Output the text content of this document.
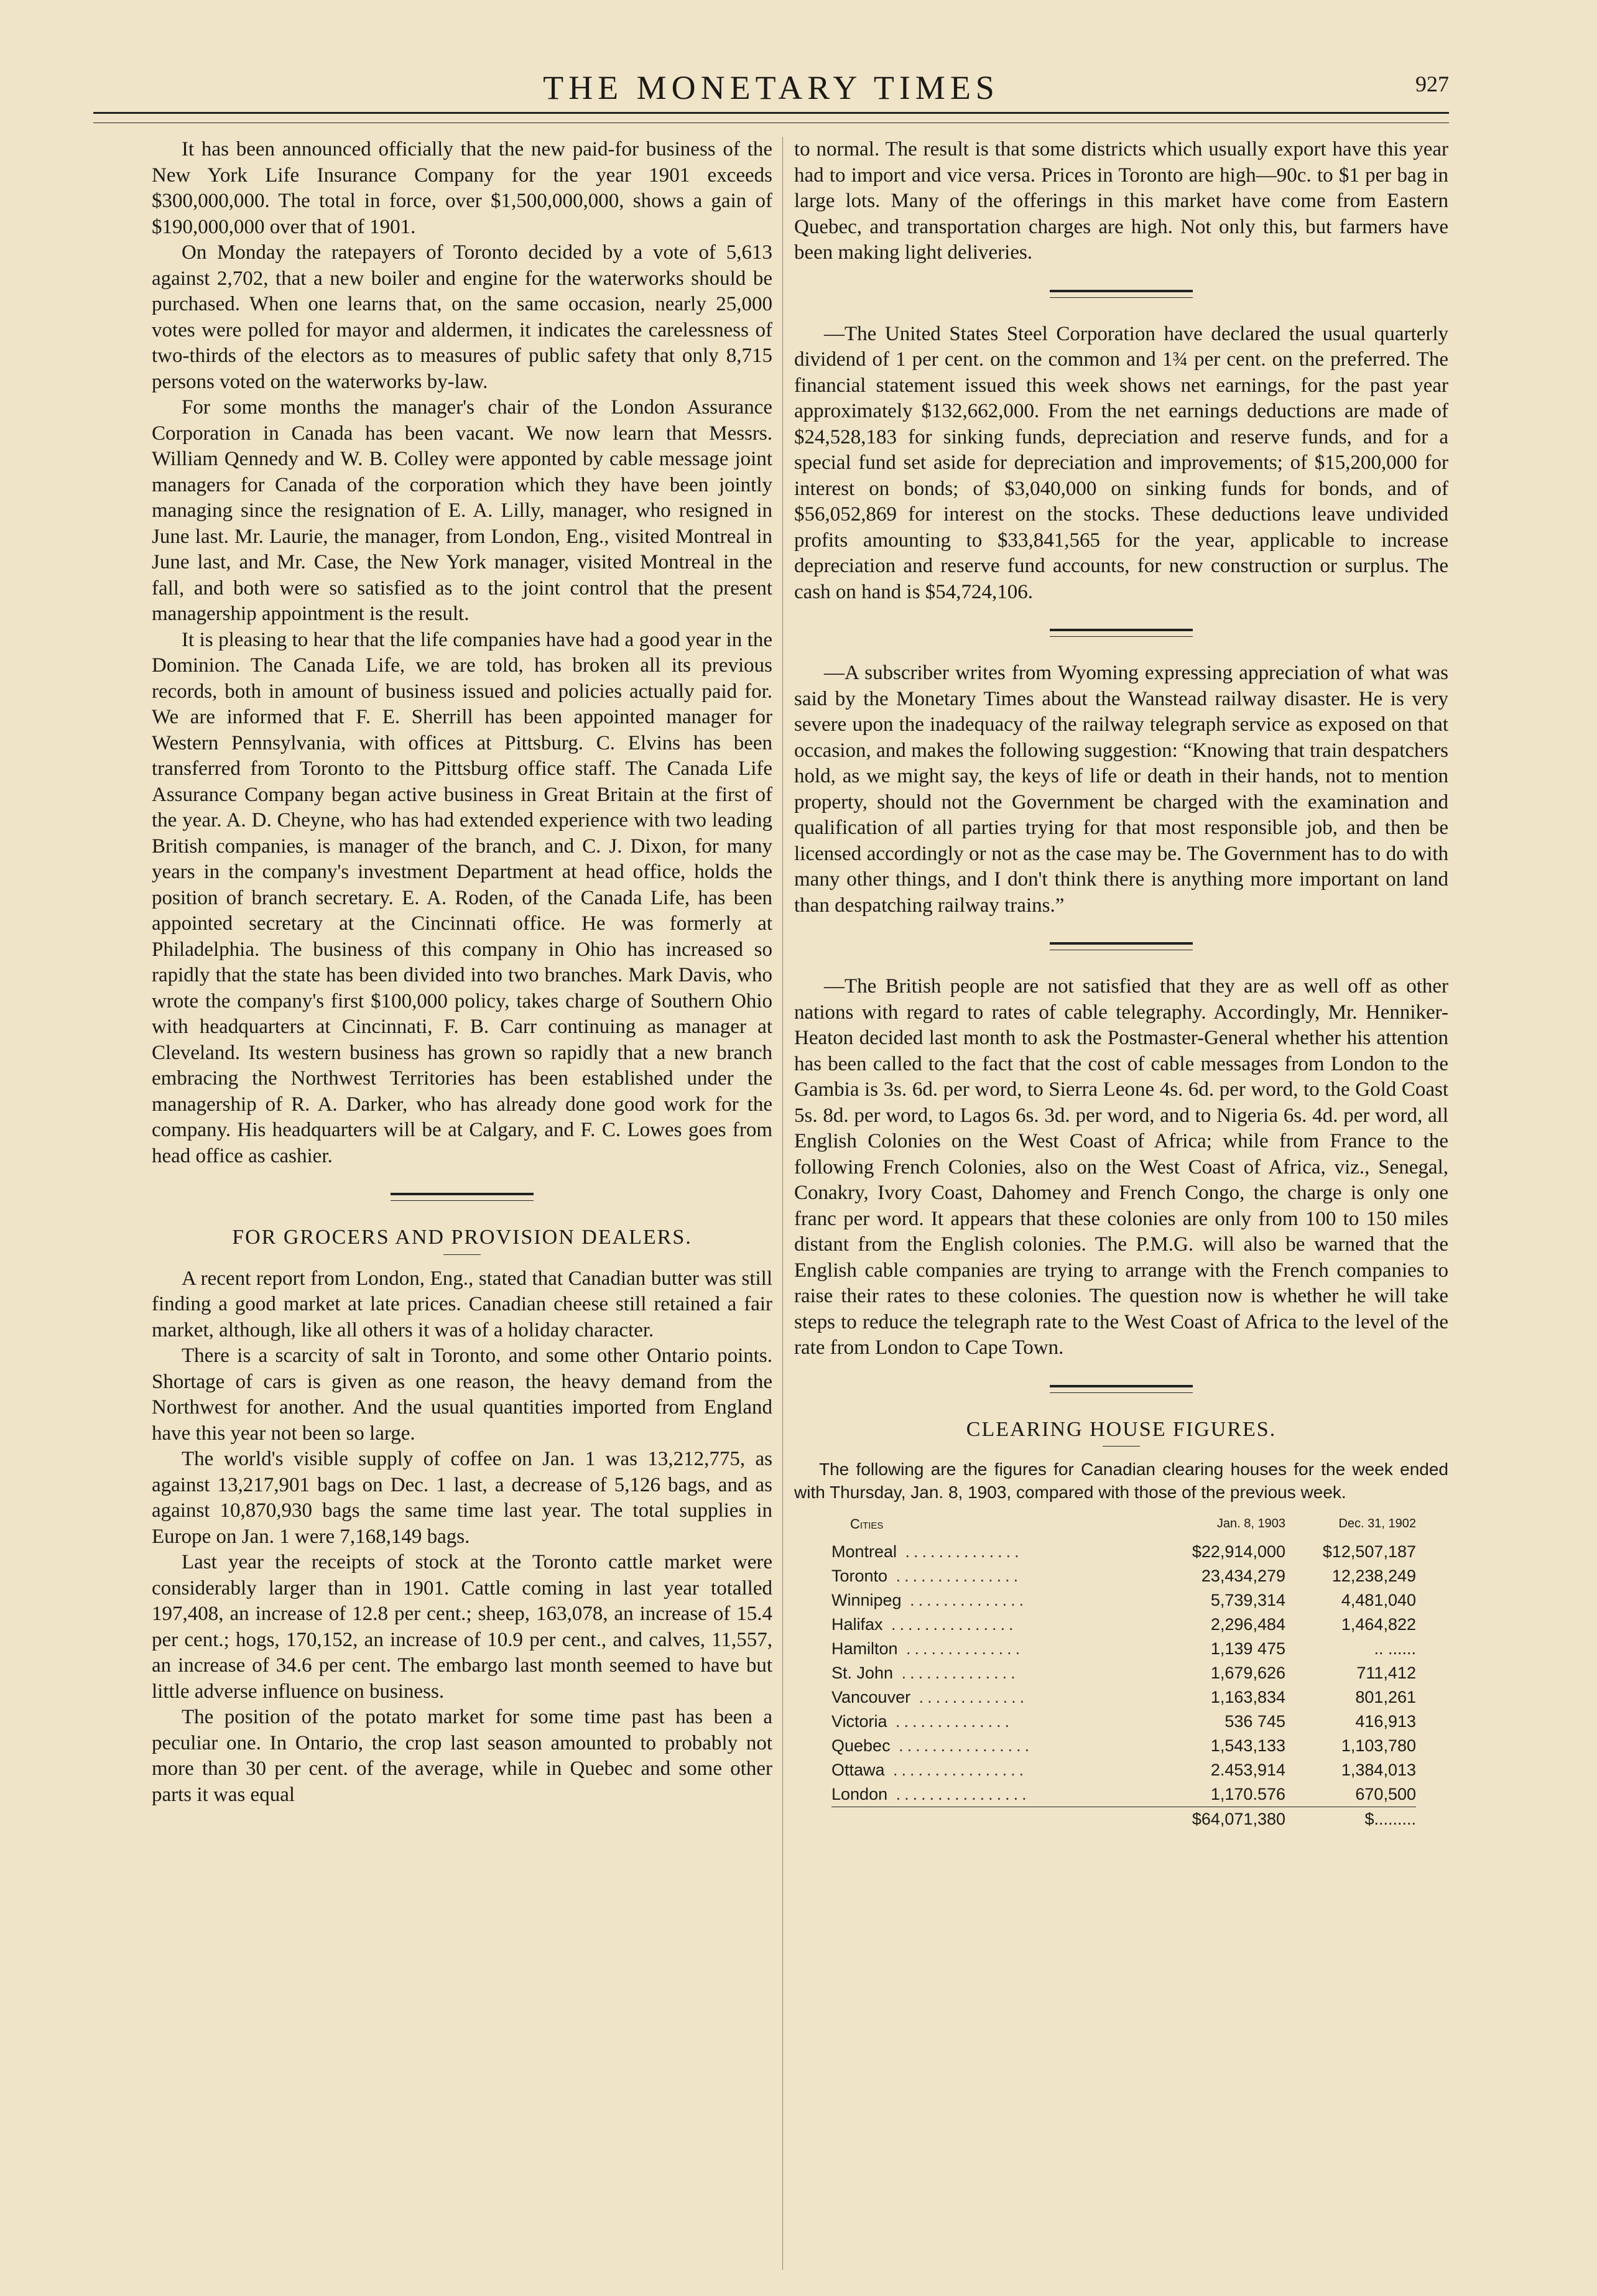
THE MONETARY TIMES	927

It has been announced officially that the new paid-for business of the New York Life Insurance Company for the year 1901 exceeds $300,000,000. The total in force, over $1,500,000,000, shows a gain of $190,000,000 over that of 1901.

On Monday the ratepayers of Toronto decided by a vote of 5,613 against 2,702, that a new boiler and engine for the waterworks should be purchased. When one learns that, on the same occasion, nearly 25,000 votes were polled for mayor and aldermen, it indicates the carelessness of two-thirds of the electors as to measures of public safety that only 8,715 persons voted on the waterworks by-law.

For some months the manager's chair of the London Assurance Corporation in Canada has been vacant. We now learn that Messrs. William Qennedy and W. B. Colley were apponted by cable message joint managers for Canada of the corporation which they have been jointly managing since the resignation of E. A. Lilly, manager, who resigned in June last. Mr. Laurie, the manager, from London, Eng., visited Montreal in June last, and Mr. Case, the New York manager, visited Montreal in the fall, and both were so satisfied as to the joint control that the present managership appointment is the result.

It is pleasing to hear that the life companies have had a good year in the Dominion. The Canada Life, we are told, has broken all its previous records, both in amount of business issued and policies actually paid for. We are informed that F. E. Sherrill has been appointed manager for Western Pennsylvania, with offices at Pittsburg. C. Elvins has been transferred from Toronto to the Pittsburg office staff. The Canada Life Assurance Company began active business in Great Britain at the first of the year. A. D. Cheyne, who has had extended experience with two leading British companies, is manager of the branch, and C. J. Dixon, for many years in the company's investment Department at head office, holds the position of branch secretary. E. A. Roden, of the Canada Life, has been appointed secretary at the Cincinnati office. He was formerly at Philadelphia. The business of this company in Ohio has increased so rapidly that the state has been divided into two branches. Mark Davis, who wrote the company's first $100,000 policy, takes charge of Southern Ohio with headquarters at Cincinnati, F. B. Carr continuing as manager at Cleveland. Its western business has grown so rapidly that a new branch embracing the Northwest Territories has been established under the managership of R. A. Darker, who has already done good work for the company. His headquarters will be at Calgary, and F. C. Lowes goes from head office as cashier.

FOR GROCERS AND PROVISION DEALERS.

A recent report from London, Eng., stated that Canadian butter was still finding a good market at late prices. Canadian cheese still retained a fair market, although, like all others it was of a holiday character.

There is a scarcity of salt in Toronto, and some other Ontario points. Shortage of cars is given as one reason, the heavy demand from the Northwest for another. And the usual quantities imported from England have this year not been so large.

The world's visible supply of coffee on Jan. 1 was 13,212,775, as against 13,217,901 bags on Dec. 1 last, a decrease of 5,126 bags, and as against 10,870,930 bags the same time last year. The total supplies in Europe on Jan. 1 were 7,168,149 bags.

Last year the receipts of stock at the Toronto cattle market were considerably larger than in 1901. Cattle coming in last year totalled 197,408, an increase of 12.8 per cent.; sheep, 163,078, an increase of 15.4 per cent.; hogs, 170,152, an increase of 10.9 per cent., and calves, 11,557, an increase of 34.6 per cent. The embargo last month seemed to have but little adverse influence on business.

The position of the potato market for some time past has been a peculiar one. In Ontario, the crop last season amounted to probably not more than 30 per cent. of the average, while in Quebec and some other parts it was equal

to normal. The result is that some districts which usually export have this year had to import and vice versa. Prices in Toronto are high—90c. to $1 per bag in large lots. Many of the offerings in this market have come from Eastern Quebec, and transportation charges are high. Not only this, but farmers have been making light deliveries.

—The United States Steel Corporation have declared the usual quarterly dividend of 1 per cent. on the common and 1¾ per cent. on the preferred. The financial statement issued this week shows net earnings, for the past year approximately $132,662,000. From the net earnings deductions are made of $24,528,183 for sinking funds, depreciation and reserve funds, and for a special fund set aside for depreciation and improvements; of $15,200,000 for interest on bonds; of $3,040,000 on sinking funds for bonds, and of $56,052,869 for interest on the stocks. These deductions leave undivided profits amounting to $33,841,565 for the year, applicable to increase depreciation and reserve fund accounts, for new construction or surplus. The cash on hand is $54,724,106.

—A subscriber writes from Wyoming expressing appreciation of what was said by the Monetary Times about the Wanstead railway disaster. He is very severe upon the inadequacy of the railway telegraph service as exposed on that occasion, and makes the following suggestion: “Knowing that train despatchers hold, as we might say, the keys of life or death in their hands, not to mention property, should not the Government be charged with the examination and qualification of all parties trying for that most responsible job, and then be licensed accordingly or not as the case may be. The Government has to do with many other things, and I don't think there is anything more important on land than despatching railway trains.”

—The British people are not satisfied that they are as well off as other nations with regard to rates of cable telegraphy. Accordingly, Mr. Henniker-Heaton decided last month to ask the Postmaster-General whether his attention has been called to the fact that the cost of cable messages from London to the Gambia is 3s. 6d. per word, to Sierra Leone 4s. 6d. per word, to the Gold Coast 5s. 8d. per word, to Lagos 6s. 3d. per word, and to Nigeria 6s. 4d. per word, all English Colonies on the West Coast of Africa; while from France to the following French Colonies, also on the West Coast of Africa, viz., Senegal, Conakry, Ivory Coast, Dahomey and French Congo, the charge is only one franc per word. It appears that these colonies are only from 100 to 150 miles distant from the English colonies. The P.M.G. will also be warned that the English cable companies are trying to arrange with the French companies to raise their rates to these colonies. The question now is whether he will take steps to reduce the telegraph rate to the West Coast of Africa to the level of the rate from London to Cape Town.

CLEARING HOUSE FIGURES.

The following are the figures for Canadian clearing houses for the week ended with Thursday, Jan. 8, 1903, compared with those of the previous week.

Cities	Jan. 8, 1903	Dec. 31, 1902
Montreal ..............	$22,914,000	$12,507,187
Toronto ...............	23,434,279	12,238,249
Winnipeg ..............	5,739,314	4,481,040
Halifax ...............	2,296,484	1,464,822
Hamilton ..............	1,139 475	.. ......
St. John ..............	1,679,626	711,412
Vancouver .............	1,163,834	801,261
Victoria ..............	536 745	416,913
Quebec ................	1,543,133	1,103,780
Ottawa ................	2.453,914	1,384,013
London ................	1,170.576	670,500
	$64,071,380	$.........
